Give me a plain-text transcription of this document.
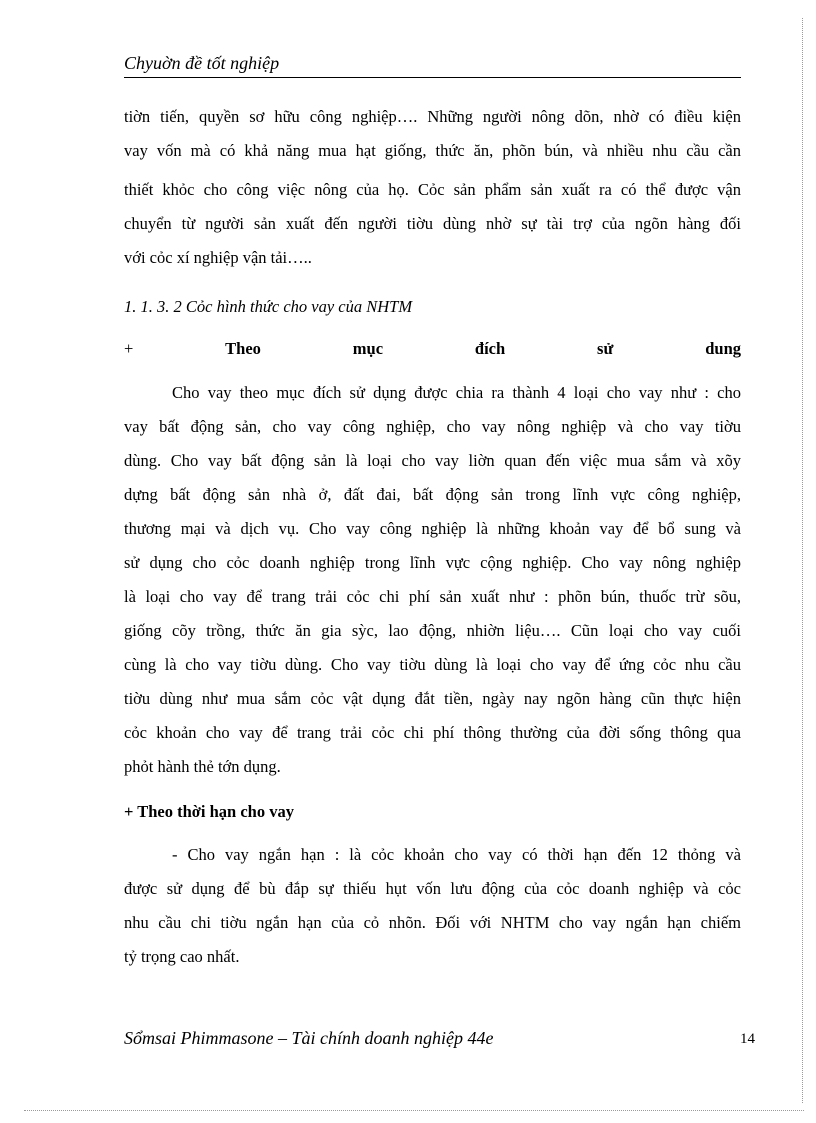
Chyuờn đề tốt nghiệp
tiờn tiến, quyền sơ hữu công nghiệp…. Những người nông dõn, nhờ có điều kiện
vay vốn mà có khả năng mua hạt giống, thức ăn, phõn bún, và nhiều nhu cầu cần
thiết khỏc cho công việc nông của họ. Cỏc sản phẩm sản xuất ra có thể được vận
chuyển từ người sản xuất đến người tiờu dùng nhờ sự tài trợ của ngõn hàng đối
với cỏc xí nghiệp vận tải…..
1. 1. 3. 2 Cỏc hình thức cho vay của NHTM
+	Theo	mục	đích	sử	dung
Cho vay theo mục đích sử dụng được chia ra thành 4 loại cho vay như : cho
vay bất động sản, cho vay công nghiệp, cho vay nông nghiệp và cho vay tiờu
dùng. Cho vay bất động sản là loại cho vay liờn quan đến việc mua sắm và xõy
dựng bất động sản nhà ở, đất đai, bất động sản trong lĩnh vực công nghiệp,
thương mại và dịch vụ. Cho vay công nghiệp là những khoản vay để bổ sung và
sử dụng cho cỏc doanh nghiệp trong lĩnh vực cộng nghiệp. Cho vay nông nghiệp
là loại cho vay để trang trải cỏc chi phí sản xuất như : phõn bún, thuốc trừ sõu,
giống cõy trồng, thức ăn gia sỳc, lao động, nhiờn liệu…. Cũn loại cho vay cuối
cùng là cho vay tiờu dùng. Cho vay tiờu dùng là loại cho vay để ứng cỏc nhu cầu
tiờu dùng như mua sắm cỏc vật dụng đắt tiền, ngày nay ngõn hàng cũn thực hiện
cỏc khoản cho vay để trang trải cỏc chi phí thông thường của đời sống thông qua
phỏt hành thẻ tớn dụng.
+ Theo thời hạn cho vay
- Cho vay ngắn hạn : là cỏc khoản cho vay có thời hạn đến 12 thỏng và
được sử dụng để bù đắp sự thiếu hụt vốn lưu động của cỏc doanh nghiệp và cỏc
nhu cầu chi tiờu ngắn hạn của cỏ nhõn. Đối với NHTM cho vay ngắn hạn chiếm
tỷ trọng cao nhất.
Sổmsai Phimmasone – Tài chính doanh nghiệp 44e	14
